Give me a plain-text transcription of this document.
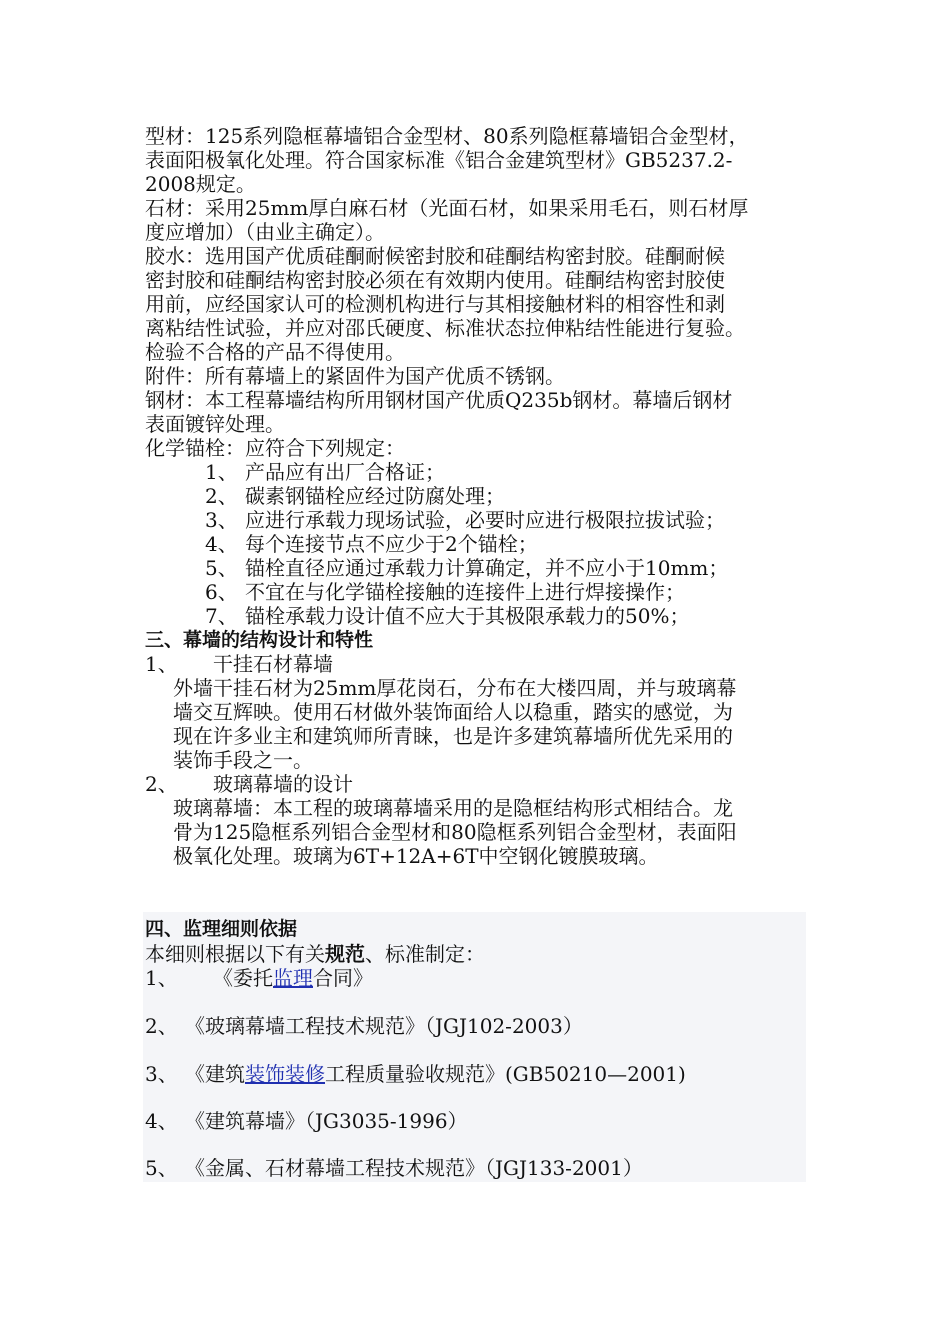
型材：125系列隐框幕墙铝合金型材、80系列隐框幕墙铝合金型材，

表面阳极氧化处理。符合国家标准《铝合金建筑型材》GB5237.2-

2008规定。

石材：采用25mm厚白麻石材（光面石材，如果采用毛石，则石材厚

度应增加）（由业主确定）。

胶水：选用国产优质硅酮耐候密封胶和硅酮结构密封胶。硅酮耐候

密封胶和硅酮结构密封胶必须在有效期内使用。硅酮结构密封胶使

用前，应经国家认可的检测机构进行与其相接触材料的相容性和剥

离粘结性试验，并应对邵氏硬度、标准状态拉伸粘结性能进行复验。

检验不合格的产品不得使用。

附件：所有幕墙上的紧固件为国产优质不锈钢。

钢材：本工程幕墙结构所用钢材国产优质Q235b钢材。幕墙后钢材

表面镀锌处理。

化学锚栓：应符合下列规定：

1、 产品应有出厂合格证；

2、 碳素钢锚栓应经过防腐处理；

3、 应进行承载力现场试验，必要时应进行极限拉拔试验；

4、 每个连接节点不应少于2个锚栓；

5、 锚栓直径应通过承载力计算确定，并不应小于10mm；

6、 不宜在与化学锚栓接触的连接件上进行焊接操作；

7、 锚栓承载力设计值不应大于其极限承载力的50%；

三、幕墙的结构设计和特性

1、 干挂石材幕墙

外墙干挂石材为25mm厚花岗石，分布在大楼四周，并与玻璃幕

墙交互辉映。使用石材做外装饰面给人以稳重，踏实的感觉，为

现在许多业主和建筑师所青睐，也是许多建筑幕墙所优先采用的

装饰手段之一。

2、 玻璃幕墙的设计

玻璃幕墙：本工程的玻璃幕墙采用的是隐框结构形式相结合。龙

骨为125隐框系列铝合金型材和80隐框系列铝合金型材，表面阳

极氧化处理。玻璃为6T+12A+6T中空钢化镀膜玻璃。

四、监理细则依据

本细则根据以下有关规范、标准制定：

1、 《委托监理合同》

2、 《玻璃幕墙工程技术规范》（JGJ102-2003）

3、 《建筑装饰装修工程质量验收规范》(GB50210—2001)

4、 《建筑幕墙》（JG3035-1996）

5、 《金属、石材幕墙工程技术规范》（JGJ133-2001）
